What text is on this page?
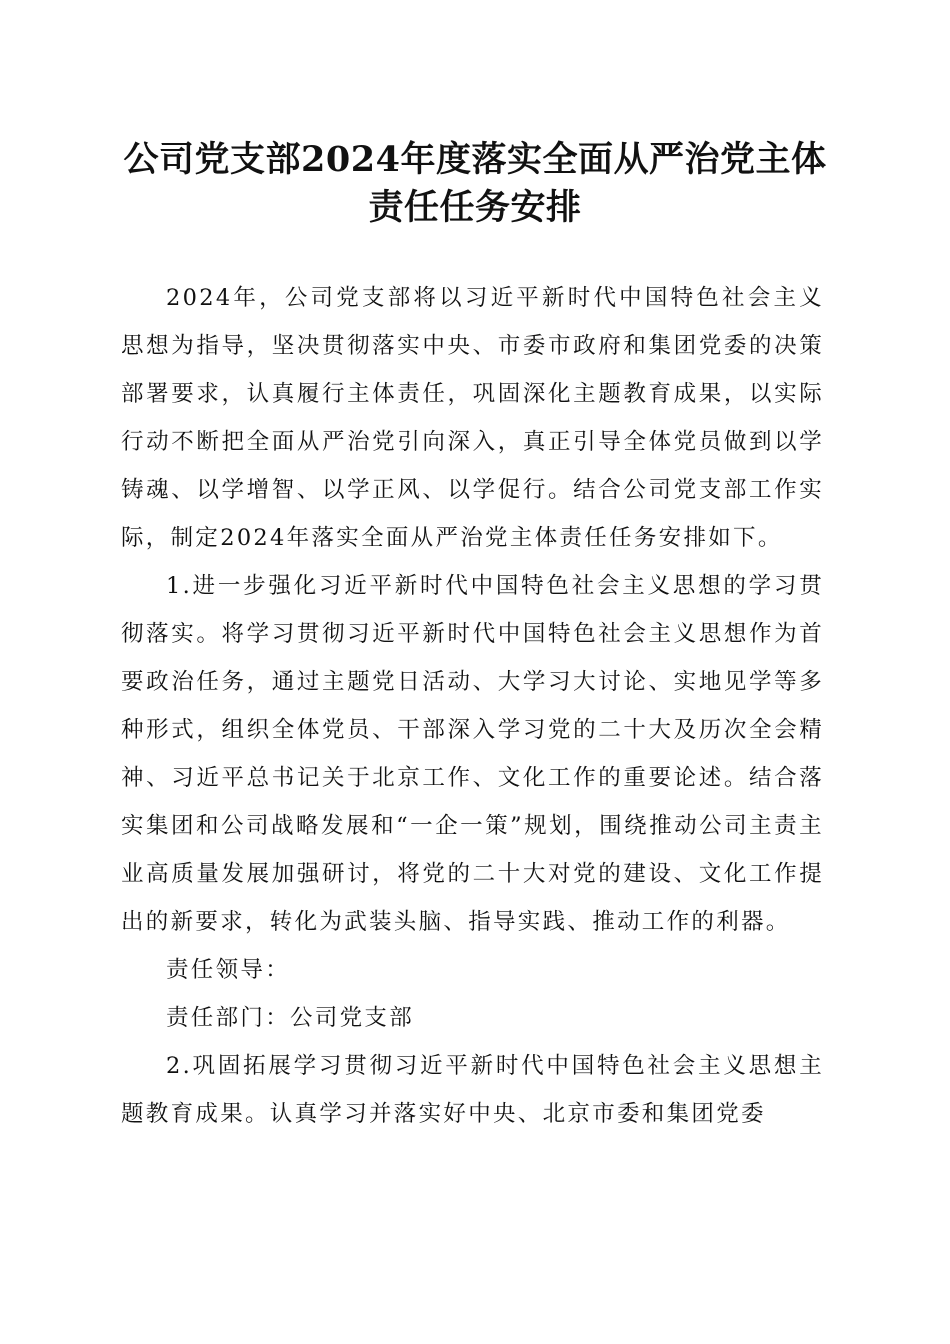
公司党支部2024年度落实全面从严治党主体
责任任务安排

2024年，公司党支部将以习近平新时代中国特色社会主义思想为指导，坚决贯彻落实中央、市委市政府和集团党委的决策部署要求，认真履行主体责任，巩固深化主题教育成果，以实际行动不断把全面从严治党引向深入，真正引导全体党员做到以学铸魂、以学增智、以学正风、以学促行。结合公司党支部工作实际，制定2024年落实全面从严治党主体责任任务安排如下。

1.进一步强化习近平新时代中国特色社会主义思想的学习贯彻落实。将学习贯彻习近平新时代中国特色社会主义思想作为首要政治任务，通过主题党日活动、大学习大讨论、实地见学等多种形式，组织全体党员、干部深入学习党的二十大及历次全会精神、习近平总书记关于北京工作、文化工作的重要论述。结合落实集团和公司战略发展和“一企一策”规划，围绕推动公司主责主业高质量发展加强研讨，将党的二十大对党的建设、文化工作提出的新要求，转化为武装头脑、指导实践、推动工作的利器。

责任领导：

责任部门：公司党支部

2.巩固拓展学习贯彻习近平新时代中国特色社会主义思想主题教育成果。认真学习并落实好中央、北京市委和集团党委
